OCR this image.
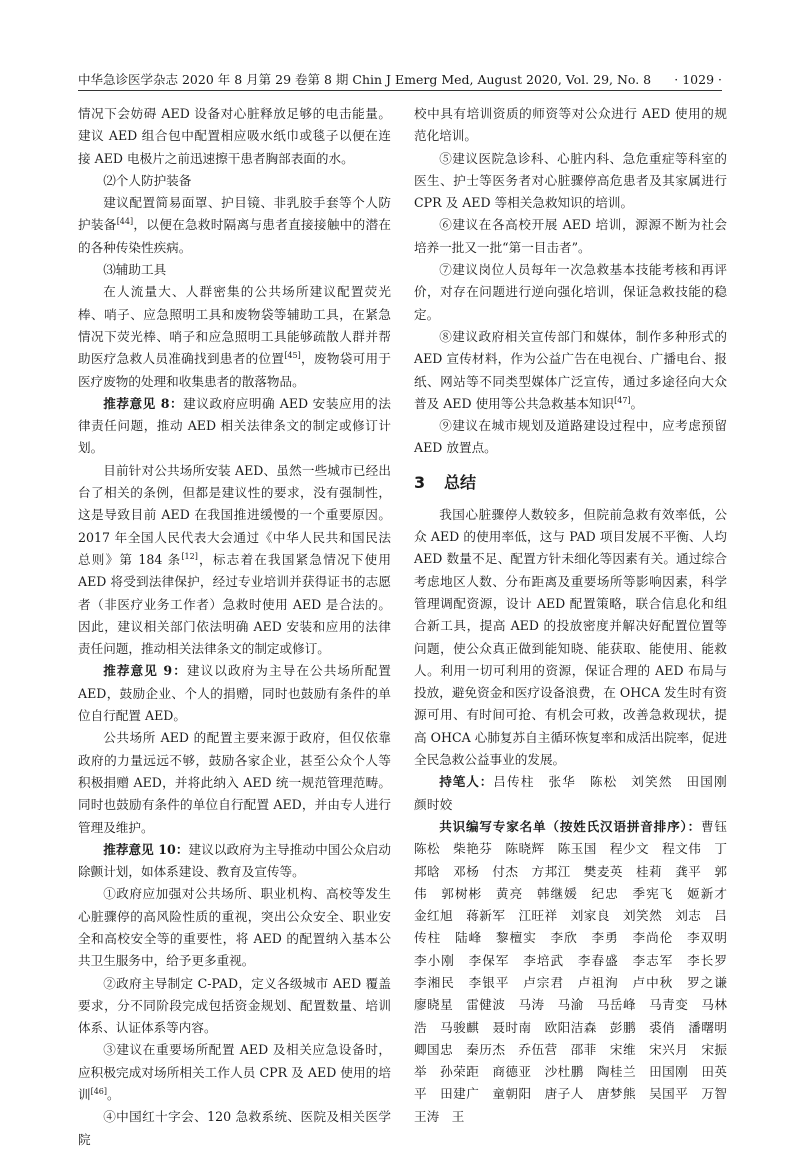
中华急诊医学杂志 2020 年 8 月第 29 卷第 8 期 Chin J Emerg Med, August 2020, Vol. 29, No. 8 · 1029 ·

情况下会妨碍 AED 设备对心脏释放足够的电击能量。建议 AED 组合包中配置相应吸水纸巾或毯子以便在连接 AED 电极片之前迅速擦干患者胸部表面的水。

⑵个人防护装备

建议配置简易面罩、护目镜、非乳胶手套等个人防护装备[44]，以便在急救时隔离与患者直接接触中的潜在的各种传染性疾病。

⑶辅助工具

在人流量大、人群密集的公共场所建议配置荧光棒、哨子、应急照明工具和废物袋等辅助工具，在紧急情况下荧光棒、哨子和应急照明工具能够疏散人群并帮助医疗急救人员准确找到患者的位置[45]，废物袋可用于医疗废物的处理和收集患者的散落物品。

推荐意见 8：建议政府应明确 AED 安装应用的法律责任问题，推动 AED 相关法律条文的制定或修订计划。

目前针对公共场所安装 AED、虽然一些城市已经出台了相关的条例，但都是建议性的要求，没有强制性，这是导致目前 AED 在我国推进缓慢的一个重要原因。2017 年全国人民代表大会通过《中华人民共和国民法总则》第 184 条[12]，标志着在我国紧急情况下使用 AED 将受到法律保护，经过专业培训并获得证书的志愿者（非医疗业务工作者）急救时使用 AED 是合法的。因此，建议相关部门依法明确 AED 安装和应用的法律责任问题，推动相关法律条文的制定或修订。

推荐意见 9：建议以政府为主导在公共场所配置 AED，鼓励企业、个人的捐赠，同时也鼓励有条件的单位自行配置 AED。

公共场所 AED 的配置主要来源于政府，但仅依靠政府的力量远远不够，鼓励各家企业，甚至公众个人等积极捐赠 AED，并将此纳入 AED 统一规范管理范畴。同时也鼓励有条件的单位自行配置 AED，并由专人进行管理及维护。

推荐意见 10：建议以政府为主导推动中国公众启动除颤计划，如体系建设、教育及宣传等。

①政府应加强对公共场所、职业机构、高校等发生心脏骤停的高风险性质的重视，突出公众安全、职业安全和高校安全等的重要性，将 AED 的配置纳入基本公共卫生服务中，给予更多重视。

②政府主导制定 C-PAD，定义各级城市 AED 覆盖要求，分不同阶段完成包括资金规划、配置数量、培训体系、认证体系等内容。

③建议在重要场所配置 AED 及相关应急设备时，应积极完成对场所相关工作人员 CPR 及 AED 使用的培训[46]。

④中国红十字会、120 急救系统、医院及相关医学院

校中具有培训资质的师资等对公众进行 AED 使用的规范化培训。

⑤建议医院急诊科、心脏内科、急危重症等科室的医生、护士等医务者对心脏骤停高危患者及其家属进行 CPR 及 AED 等相关急救知识的培训。

⑥建议在各高校开展 AED 培训，源源不断为社会培养一批又一批“第一目击者”。

⑦建议岗位人员每年一次急救基本技能考核和再评价，对存在问题进行逆向强化培训，保证急救技能的稳定。

⑧建议政府相关宣传部门和媒体，制作多种形式的 AED 宣传材料，作为公益广告在电视台、广播电台、报纸、网站等不同类型媒体广泛宣传，通过多途径向大众普及 AED 使用等公共急救基本知识[47]。

⑨建议在城市规划及道路建设过程中，应考虑预留 AED 放置点。

3 总结

我国心脏骤停人数较多，但院前急救有效率低，公众 AED 的使用率低，这与 PAD 项目发展不平衡、人均 AED 数量不足、配置方针未细化等因素有关。通过综合考虑地区人数、分布距离及重要场所等影响因素，科学管理调配资源，设计 AED 配置策略，联合信息化和组合新工具，提高 AED 的投放密度并解决好配置位置等问题，使公众真正做到能知晓、能获取、能使用、能救人。利用一切可利用的资源，保证合理的 AED 布局与投放，避免资金和医疗设备浪费，在 OHCA 发生时有资源可用、有时间可抢、有机会可救，改善急救现状，提高 OHCA 心肺复苏自主循环恢复率和成活出院率，促进全民急救公益事业的发展。

持笔人：吕传柱　张华　陈松　刘笑然　田国刚　颜时姣

共识编写专家名单（按姓氏汉语拼音排序）：曹钰　陈松　柴艳芬　陈晓辉　陈玉国　程少文　程文伟　丁邦晗　邓杨　付杰　方邦江　樊麦英　桂莉　龚平　郭伟　郭树彬　黄亮　韩继媛　纪忠　季宪飞　姬新才　金红旭　蒋新军　江旺祥　刘家良　刘笑然　刘志　吕传柱　陆峰　黎檀实　李欣　李勇　李尚伦　李双明　李小刚　李保军　李培武　李春盛　李志军　李长罗　李湘民　李银平　卢宗君　卢祖洵　卢中秋　罗之谦　廖晓星　雷健波　马涛　马渝　马岳峰　马青变　马林浩　马骏麒　聂时南　欧阳洁森　彭鹏　裘俏　潘曙明　卿国忠　秦历杰　乔伍营　邵菲　宋维　宋兴月　宋振举　孙荣距　商德亚　沙杜鹏　陶桂兰　田国刚　田英平　田建广　童朝阳　唐子人　唐梦熊　吴国平　万智　王涛　王
